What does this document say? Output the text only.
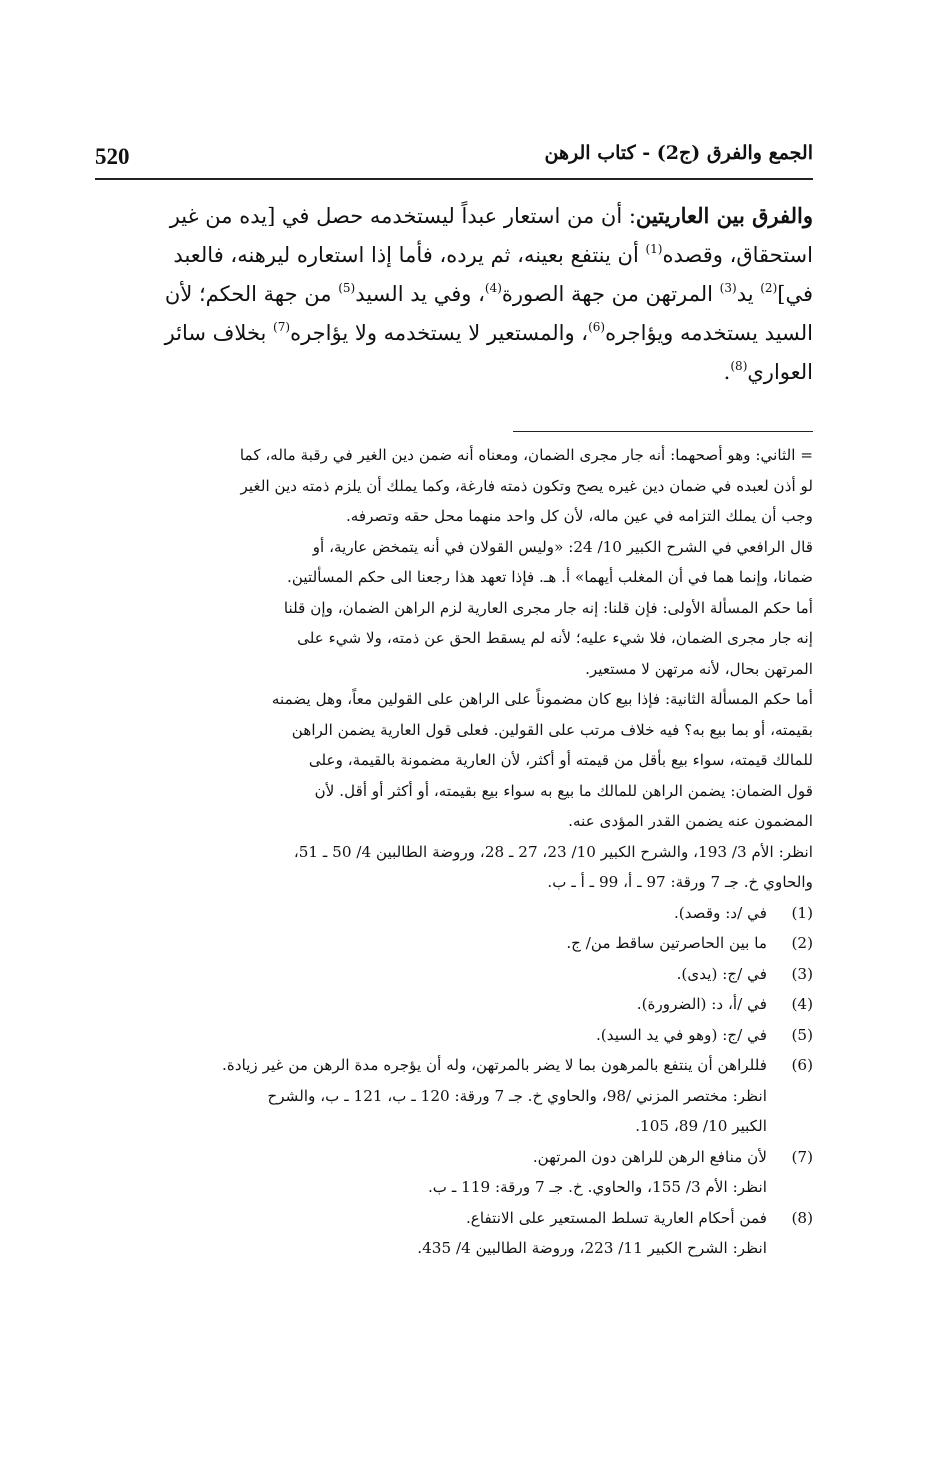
الجمع والفرق (ج2) - كتاب الرهن
520
والفرق بين العاريتين: أن من استعار عبداً ليستخدمه حصل في [يده من غير
استحقاق، وقصده$^{(1)}$ أن ينتفع بعينه، ثم يرده، فأما إذا استعاره ليرهنه، فالعبد
في]$^{(2)}$ يد$^{(3)}$ المرتهن من جهة الصورة$^{(4)}$، وفي يد السيد$^{(5)}$ من جهة الحكم؛ لأن
السيد يستخدمه ويؤاجره$^{(6)}$، والمستعير لا يستخدمه ولا يؤاجره$^{(7)}$ بخلاف سائر
العواري$^{(8)}$.
= الثاني: وهو أصحهما: أنه جار مجرى الضمان، ومعناه أنه ضمن دين الغير في رقبة ماله، كما
لو أذن لعبده في ضمان دين غيره يصح وتكون ذمته فارغة، وكما يملك أن يلزم ذمته دين الغير
وجب أن يملك التزامه في عين ماله، لأن كل واحد منهما محل حقه وتصرفه.
قال الرافعي في الشرح الكبير 10/ 24: «وليس القولان في أنه يتمخض عارية، أو
ضمانا، وإنما هما في أن المغلب أيهما» أ. هـ. فإذا تعهد هذا رجعنا الى حكم المسألتين.
أما حكم المسألة الأولى: فإن قلنا: إنه جار مجرى العارية لزم الراهن الضمان، وإن قلنا
إنه جار مجرى الضمان، فلا شيء عليه؛ لأنه لم يسقط الحق عن ذمته، ولا شيء على
المرتهن بحال، لأنه مرتهن لا مستعير.
أما حكم المسألة الثانية: فإذا بيع كان مضموناً على الراهن على القولين معاً، وهل يضمنه
بقيمته، أو بما بيع به؟ فيه خلاف مرتب على القولين. فعلى قول العارية يضمن الراهن
للمالك قيمته، سواء بيع بأقل من قيمته أو أكثر، لأن العارية مضمونة بالقيمة، وعلى
قول الضمان: يضمن الراهن للمالك ما بيع به سواء بيع بقيمته، أو أكثر أو أقل. لأن
المضمون عنه يضمن القدر المؤدى عنه.
انظر: الأم 3/ 193، والشرح الكبير 10/ 23، 27 ـ 28، وروضة الطالبين 4/ 50 ـ 51،
والحاوي خ. جـ 7 ورقة: 97 ـ أ، 99 ـ أ ـ ب.
(1)
في /د: وقصد).
(2)
ما بين الحاصرتين ساقط من/ ج.
(3)
في /ج: (يدى).
(4)
في /أ، د: (الضرورة).
(5)
في /ج: (وهو في يد السيد).
(6)
فللراهن أن ينتفع بالمرهون بما لا يضر بالمرتهن، وله أن يؤجره مدة الرهن من غير زيادة.
انظر: مختصر المزني /98، والحاوي خ. جـ 7 ورقة: 120 ـ ب، 121 ـ ب، والشرح
الكبير 10/ 89، 105.
(7)
لأن منافع الرهن للراهن دون المرتهن.
انظر: الأم 3/ 155، والحاوي. خ. جـ 7 ورقة: 119 ـ ب.
(8)
فمن أحكام العارية تسلط المستعير على الانتفاع.
انظر: الشرح الكبير 11/ 223، وروضة الطالبين 4/ 435.
